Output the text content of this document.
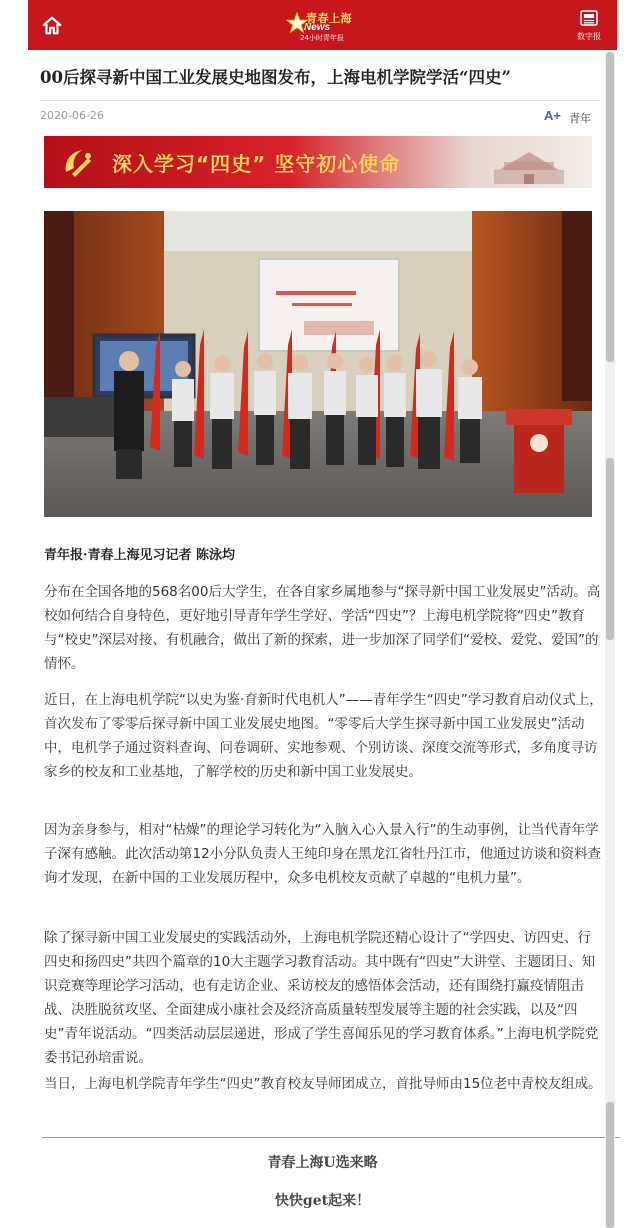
青春上海
News
24小时青年报	数字报
00后探寻新中国工业发展史地图发布，上海电机学院学活“四史”
2020-06-26	A+ 青年
深入学习“四史” 坚守初心使命

青年报·青春上海见习记者 陈泳均

分布在全国各地的568名00后大学生，在各自家乡属地参与“探寻新中国工业发展史”活动。高校如何结合自身特色，更好地引导青年学生学好、学活“四史”？上海电机学院将“四史”教育与“校史”深层对接、有机融合，做出了新的探索，进一步加深了同学们“爱校、爱党、爱国”的情怀。

近日，在上海电机学院“以史为鉴·育新时代电机人”——青年学生“四史”学习教育启动仪式上，首次发布了零零后探寻新中国工业发展史地图。“零零后大学生探寻新中国工业发展史”活动中，电机学子通过资料查询、问卷调研、实地参观、个别访谈、深度交流等形式，多角度寻访家乡的校友和工业基地，了解学校的历史和新中国工业发展史。

因为亲身参与，相对“枯燥”的理论学习转化为“入脑入心入景入行”的生动事例，让当代青年学子深有感触。此次活动第12小分队负责人王纯印身在黑龙江省牡丹江市，他通过访谈和资料查询才发现，在新中国的工业发展历程中，众多电机校友贡献了卓越的“电机力量”。

除了探寻新中国工业发展史的实践活动外，上海电机学院还精心设计了“学四史、访四史、行四史和扬四史”共四个篇章的10大主题学习教育活动。其中既有“四史”大讲堂、主题团日、知识竞赛等理论学习活动，也有走访企业、采访校友的感悟体会活动，还有围绕打赢疫情阻击战、决胜脱贫攻坚、全面建成小康社会及经济高质量转型发展等主题的社会实践，以及“四史”青年说活动。“四类活动层层递进，形成了学生喜闻乐见的学习教育体系。”上海电机学院党委书记孙培雷说。

当日，上海电机学院青年学生“四史”教育校友导师团成立，首批导师由15位老中青校友组成。

青春上海U选来略

快快get起来！
